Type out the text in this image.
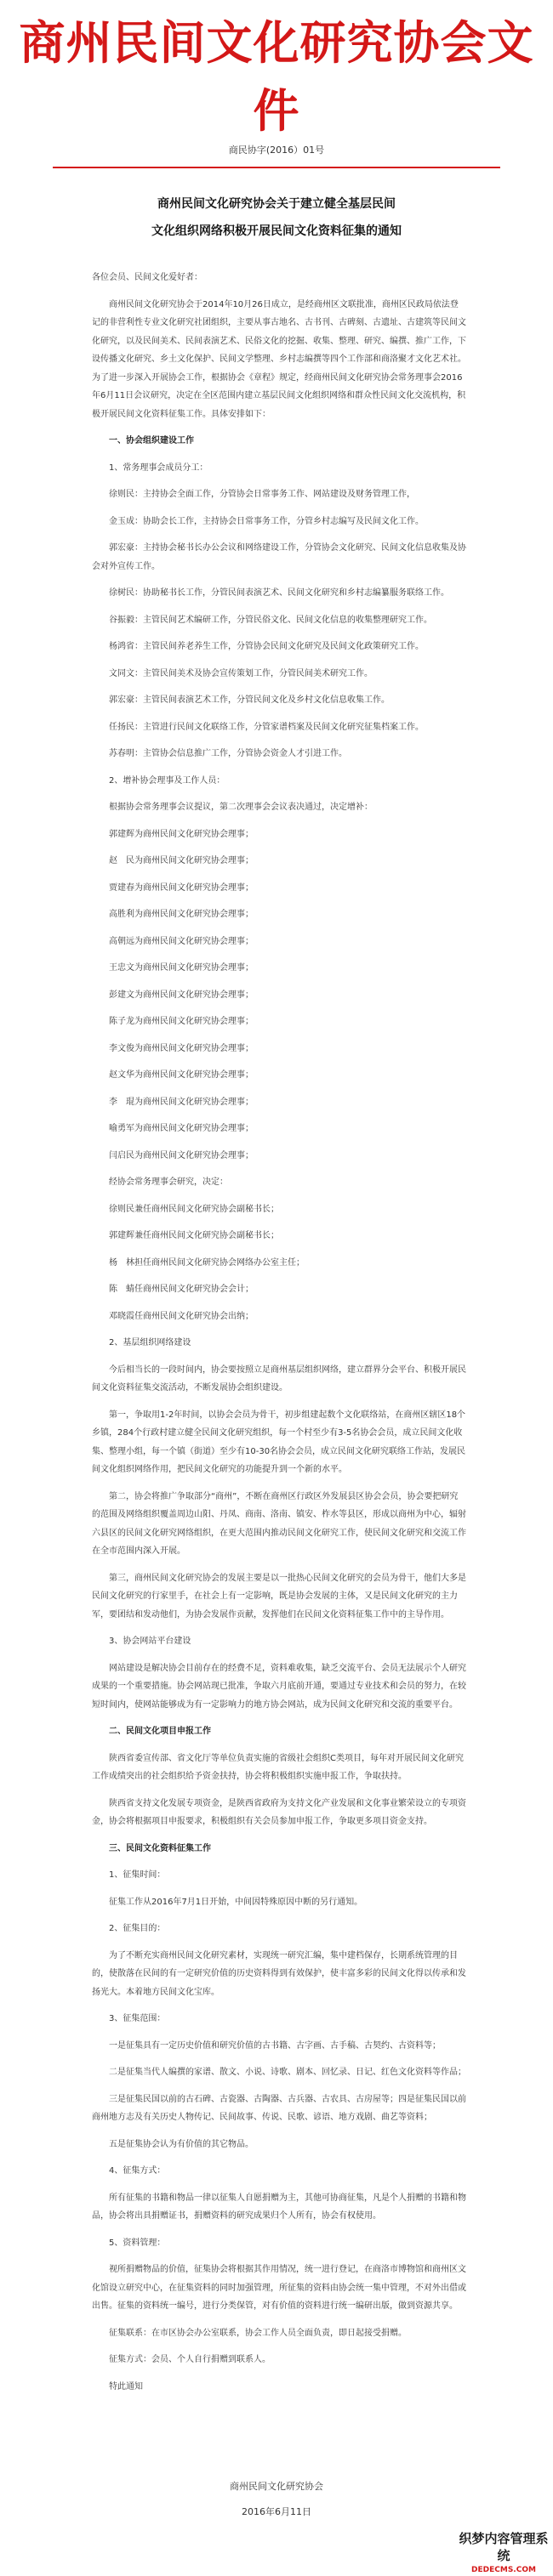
商州民间文化研究协会文件
商民协字(2016）01号
商州民间文化研究协会关于建立健全基层民间
文化组织网络积极开展民间文化资料征集的通知

各位会员、民间文化爱好者：

商州民间文化研究协会于2014年10月26日成立，是经商州区文联批准，商州区民政局依法登记的非营利性专业文化研究社团组织，主要从事古地名、古书刊、古碑刻、古遗址、古建筑等民间文化研究，以及民间美术、民间表演艺术、民俗文化的挖掘、收集、整理、研究、编撰、推广工作，下设传播文化研究、乡土文化保护、民间文学整理、乡村志编撰等四个工作部和商洛聚才文化艺术社。为了进一步深入开展协会工作，根据协会《章程》规定，经商州民间文化研究协会常务理事会2016年6月11日会议研究，决定在全区范围内建立基层民间文化组织网络和群众性民间文化交流机构，积极开展民间文化资料征集工作。具体安排如下：

一、协会组织建设工作

1、常务理事会成员分工：

徐则民：主持协会全面工作，分管协会日常事务工作、网站建设及财务管理工作，

金玉成：协助会长工作，主持协会日常事务工作，分管乡村志编写及民间文化工作。

郭宏豪：主持协会秘书长办公会议和网络建设工作，分管协会文化研究、民间文化信息收集及协会对外宣传工作。

徐树民：协助秘书长工作，分管民间表演艺术、民间文化研究和乡村志编纂服务联络工作。

谷振毅：主管民间艺术编研工作，分管民俗文化、民间文化信息的收集整理研究工作。

杨鸿省：主管民间养老养生工作，分管协会民间文化研究及民间文化政策研究工作。

文同文：主管民间美术及协会宣传策划工作，分管民间美术研究工作。

郭宏豪：主管民间表演艺术工作，分管民间文化及乡村文化信息收集工作。

任扬民：主管进行民间文化联络工作，分管家谱档案及民间文化研究征集档案工作。

苏春明：主管协会信息推广工作，分管协会资金人才引进工作。

2、增补协会理事及工作人员：

根据协会常务理事会议提议，第二次理事会会议表决通过，决定增补：

郭建辉为商州民间文化研究协会理事；

赵　民为商州民间文化研究协会理事；

贾建春为商州民间文化研究协会理事；

高胜利为商州民间文化研究协会理事；

高朝远为商州民间文化研究协会理事；

王忠文为商州民间文化研究协会理事；

彭建文为商州民间文化研究协会理事；

陈子龙为商州民间文化研究协会理事；

李文俊为商州民间文化研究协会理事；

赵文华为商州民间文化研究协会理事；

李　琨为商州民间文化研究协会理事；

喻勇军为商州民间文化研究协会理事；

闫启民为商州民间文化研究协会理事；

经协会常务理事会研究，决定：

徐则民兼任商州民间文化研究协会副秘书长；

郭建辉兼任商州民间文化研究协会副秘书长；

杨　林担任商州民间文化研究协会网络办公室主任；

陈　蜻任商州民间文化研究协会会计；

邓晓霞任商州民间文化研究协会出纳；

2、基层组织网络建设

今后相当长的一段时间内，协会要按照立足商州基层组织网络，建立群界分会平台、积极开展民间文化资料征集交流活动，不断发展协会组织建设。

第一，争取用1-2年时间，以协会会员为骨干，初步组建起数个文化联络站，在商州区辖区18个乡镇，284个行政村建立健全民间文化研究组织，每一个村至少有3-5名协会会员，成立民间文化收集、整理小组，每一个镇（街道）至少有10-30名协会会员，成立民间文化研究联络工作站，发展民间文化组织网络作用，把民间文化研究的功能提升到一个新的水平。

第二，协会将推广争取部分“商州”，不断在商州区行政区外发展县区协会会员，协会要把研究的范围及网络组织覆盖周边山阳、丹凤、商南、洛南、镇安、柞水等县区，形成以商州为中心，辐射六县区的民间文化研究网络组织，在更大范围内推动民间文化研究工作，使民间文化研究和交流工作在全市范围内深入开展。

第三，商州民间文化研究协会的发展主要是以一批热心民间文化研究的会员为骨干，他们大多是民间文化研究的行家里手，在社会上有一定影响，既是协会发展的主体，又是民间文化研究的主力军，要团结和发动他们，为协会发展作贡献，发挥他们在民间文化资料征集工作中的主导作用。

3、协会网站平台建设

网站建设是解决协会目前存在的经费不足，资料难收集，缺乏交流平台、会员无法展示个人研究成果的一个重要措施。协会网站现已批准，争取六月底前开通，要通过专业技术和会员的努力，在较短时间内，使网站能够成为有一定影响力的地方协会网站，成为民间文化研究和交流的重要平台。

二、民间文化项目申报工作

陕西省委宣传部、省文化厅等单位负责实施的省级社会组织C类项目，每年对开展民间文化研究工作成绩突出的社会组织给予资金扶持，协会将积极组织实施申报工作，争取扶持。

陕西省支持文化发展专项资金，是陕西省政府为支持文化产业发展和文化事业繁荣设立的专项资金，协会将根据项目申报要求，积极组织有关会员参加申报工作，争取更多项目资金支持。

三、民间文化资料征集工作

1、征集时间：

征集工作从2016年7月1日开始，中间因特殊原因中断的另行通知。

2、征集目的：

为了不断充实商州民间文化研究素材，实现统一研究汇编，集中建档保存，长期系统管理的目的，使散落在民间的有一定研究价值的历史资料得到有效保护，使丰富多彩的民间文化得以传承和发扬光大。本着地方民间文化宝库。

3、征集范围：

一是征集具有一定历史价值和研究价值的古书籍、古字画、古手稿、古契约、古资料等；

二是征集当代人编撰的家谱、散文、小说、诗歌、剧本、回忆录、日记、红色文化资料等作品；

三是征集民国以前的古石碑、古瓷器、古陶器、古兵器、古农具、古房屋等；四是征集民国以前商州地方志及有关历史人物传记、民间故事、传说、民歌、谚语、地方戏剧、曲艺等资料；

五是征集协会认为有价值的其它物品。

4、征集方式：

所有征集的书籍和物品一律以征集人自愿捐赠为主，其他可协商征集，凡是个人捐赠的书籍和物品，协会将出具捐赠证书，捐赠资料的研究成果归个人所有，协会有权使用。

5、资料管理：

视所捐赠物品的价值，征集协会将根据其作用情况，统一进行登记，在商洛市博物馆和商州区文化馆设立研究中心，在征集资料的同时加强管理，所征集的资料由协会统一集中管理，不对外出借或出售。征集的资料统一编号，进行分类保管，对有价值的资料进行统一编研出版，做到资源共享。

征集联系：在市区协会办公室联系，协会工作人员全面负责，即日起接受捐赠。

征集方式：会员、个人自行捐赠到联系人。

特此通知

商州民间文化研究协会
2016年6月11日
织梦内容管理系统
DEDECMS.COM
